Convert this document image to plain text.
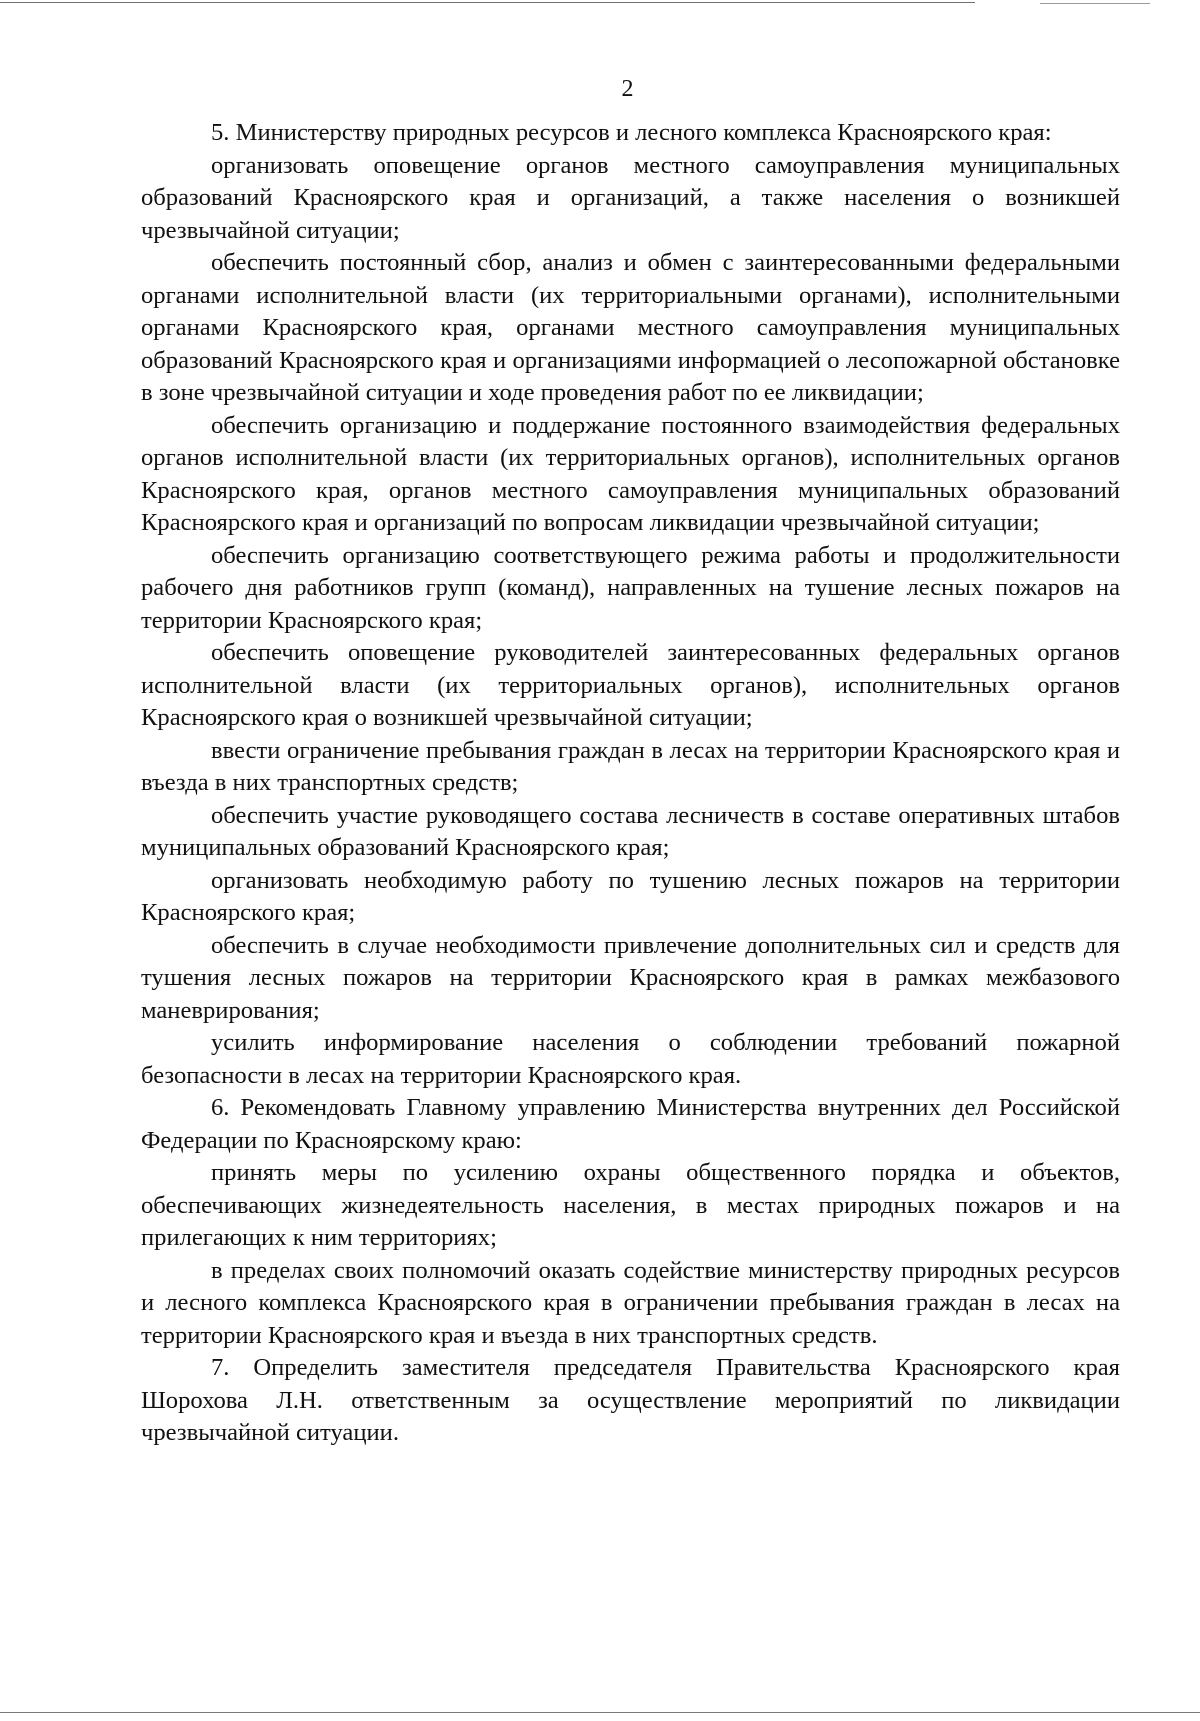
2

5. Министерству природных ресурсов и лесного комплекса Красноярского края:

организовать оповещение органов местного самоуправления муниципальных образований Красноярского края и организаций, а также населения о возникшей чрезвычайной ситуации;

обеспечить постоянный сбор, анализ и обмен с заинтересованными федеральными органами исполнительной власти (их территориальными органами), исполнительными органами Красноярского края, органами местного самоуправления муниципальных образований Красноярского края и организациями информацией о лесопожарной обстановке в зоне чрезвычайной ситуации и ходе проведения работ по ее ликвидации;

обеспечить организацию и поддержание постоянного взаимодействия федеральных органов исполнительной власти (их территориальных органов), исполнительных органов Красноярского края, органов местного самоуправления муниципальных образований Красноярского края и организаций по вопросам ликвидации чрезвычайной ситуации;

обеспечить организацию соответствующего режима работы и продолжительности рабочего дня работников групп (команд), направленных на тушение лесных пожаров на территории Красноярского края;

обеспечить оповещение руководителей заинтересованных федеральных органов исполнительной власти (их территориальных органов), исполнительных органов Красноярского края о возникшей чрезвычайной ситуации;

ввести ограничение пребывания граждан в лесах на территории Красноярского края и въезда в них транспортных средств;

обеспечить участие руководящего состава лесничеств в составе оперативных штабов муниципальных образований Красноярского края;

организовать необходимую работу по тушению лесных пожаров на территории Красноярского края;

обеспечить в случае необходимости привлечение дополнительных сил и средств для тушения лесных пожаров на территории Красноярского края в рамках межбазового маневрирования;

усилить информирование населения о соблюдении требований пожарной безопасности в лесах на территории Красноярского края.

6. Рекомендовать Главному управлению Министерства внутренних дел Российской Федерации по Красноярскому краю:

принять меры по усилению охраны общественного порядка и объектов, обеспечивающих жизнедеятельность населения, в местах природных пожаров и на прилегающих к ним территориях;

в пределах своих полномочий оказать содействие министерству природных ресурсов и лесного комплекса Красноярского края в ограничении пребывания граждан в лесах на территории Красноярского края и въезда в них транспортных средств.

7. Определить заместителя председателя Правительства Красноярского края Шорохова Л.Н. ответственным за осуществление мероприятий по ликвидации чрезвычайной ситуации.
